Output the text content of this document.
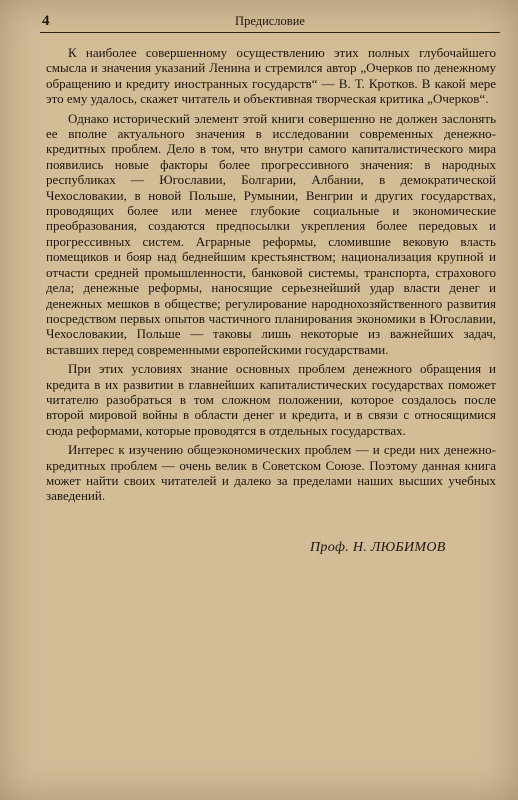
4	Предисловие

К наиболее совершенному осуществлению этих полных глубочайшего смысла и значения указаний Ленина и стремился автор „Очерков по денежному обращению и кредиту иностранных государств“ — В. Т. Кротков. В какой мере это ему удалось, скажет читатель и объективная творческая критика „Очерков“.

Однако исторический элемент этой книги совершенно не должен заслонять ее вполне актуального значения в исследовании современных денежно-кредитных проблем. Дело в том, что внутри самого капиталистического мира появились новые факторы более прогрессивного значения: в народных республиках — Югославии, Болгарии, Албании, в демократической Чехословакии, в новой Польше, Румынии, Венгрии и других государствах, проводящих более или менее глубокие социальные и экономические преобразования, создаются предпосылки укрепления более передовых и прогрессивных систем. Аграрные реформы, сломившие вековую власть помещиков и бояр над беднейшим крестьянством; национализация крупной и отчасти средней промышленности, банковой системы, транспорта, страхового дела; денежные реформы, наносящие серьезнейший удар власти денег и денежных мешков в обществе; регулирование народнохозяйственного развития посредством первых опытов частичного планирования экономики в Югославии, Чехословакии, Польше — таковы лишь некоторые из важнейших задач, вставших перед современными европейскими государствами.

При этих условиях знание основных проблем денежного обращения и кредита в их развитии в главнейших капиталистических государствах поможет читателю разобраться в том сложном положении, которое создалось после второй мировой войны в области денег и кредита, и в связи с относящимися сюда реформами, которые проводятся в отдельных государствах.

Интерес к изучению общеэкономических проблем — и среди них денежно-кредитных проблем — очень велик в Советском Союзе. Поэтому данная книга может найти своих читателей и далеко за пределами наших высших учебных заведений.

Проф. Н. ЛЮБИМОВ
